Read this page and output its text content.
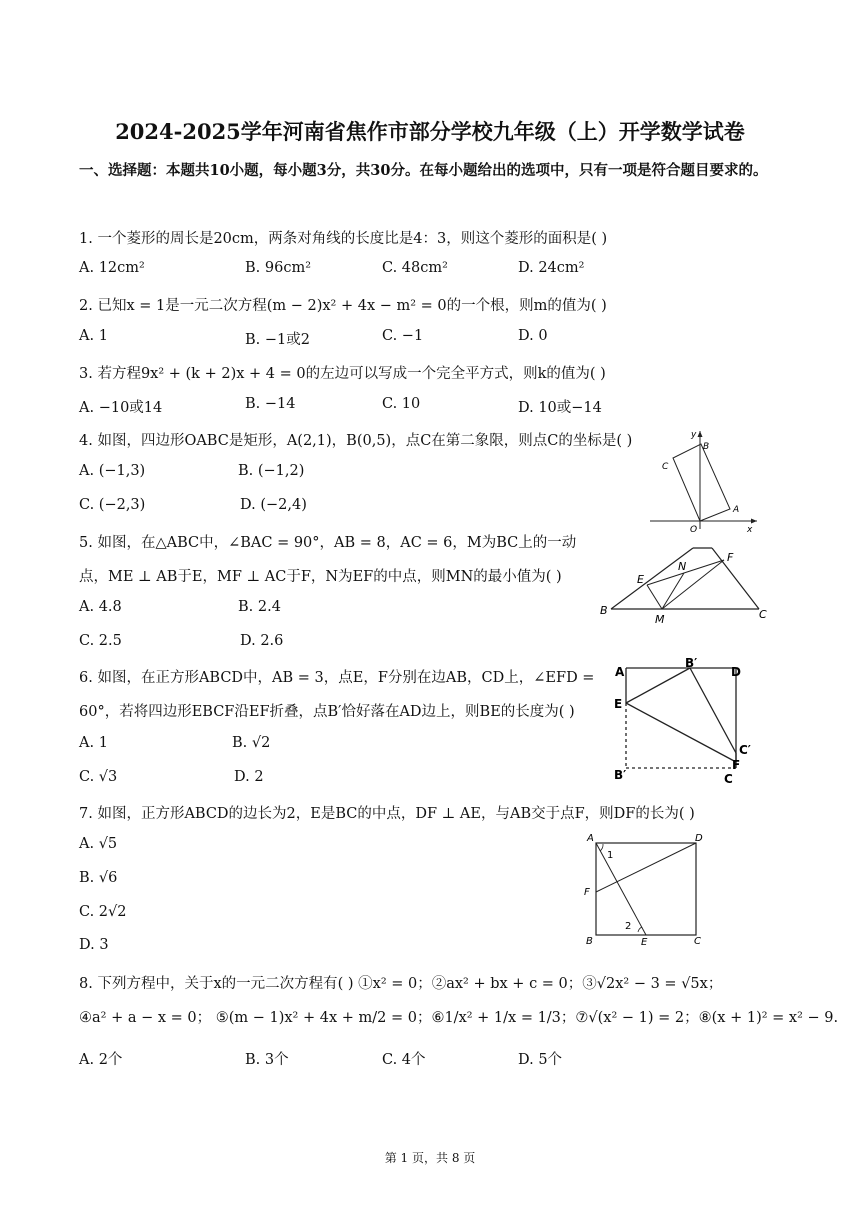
2024-2025学年河南省焦作市部分学校九年级（上）开学数学试卷
一、选择题：本题共10小题，每小题3分，共30分。在每小题给出的选项中，只有一项是符合题目要求的。
1. 一个菱形的周长是20cm，两条对角线的长度比是4：3，则这个菱形的面积是( )
A. 12cm²	B. 96cm²	C. 48cm²	D. 24cm²
2. 已知x = 1是一元二次方程(m − 2)x² + 4x − m² = 0的一个根，则m的值为( )
A. 1	B. −1或2	C. −1	D. 0
3. 若方程9x² + (k + 2)x + 4 = 0的左边可以写成一个完全平方式，则k的值为( )
A. −10或14	B. −14	C. 10	D. 10或−14
4. 如图，四边形OABC是矩形，A(2,1)，B(0,5)，点C在第二象限，则点C的坐标是( )
A. (−1,3)	B. (−1,2)
C. (−2,3)	D. (−2,4)
y
B
C
A
O	x
5. 如图，在△ABC中，∠BAC = 90°，AB = 8，AC = 6，M为BC上的一动
点，ME ⊥ AB于E，MF ⊥ AC于F，N为EF的中点，则MN的最小值为( )
A. 4.8	B. 2.4
C. 2.5	D. 2.6
E
N
F
B
M	C
6. 如图，在正方形ABCD中，AB = 3，点E，F分别在边AB，CD上，∠EFD =
60°，若将四边形EBCF沿EF折叠，点B′恰好落在AD边上，则BE的长度为( )
A. 1	B. √2
C. √3	D. 2
A
B′
D
E
C′
F
B′	C
7. 如图，正方形ABCD的边长为2，E是BC的中点，DF ⊥ AE，与AB交于点F，则DF的长为( )
A. √5
B. √6
C. 2√2
D. 3
A	D
1
F
2
B	E	C
8. 下列方程中，关于x的一元二次方程有( ) ①x² = 0；②ax² + bx + c = 0；③√2x² − 3 = √5x；
④a² + a − x = 0； ⑤(m − 1)x² + 4x + m/2 = 0；⑥1/x² + 1/x = 1/3；⑦√(x² − 1) = 2；⑧(x + 1)² = x² − 9.
A. 2个	B. 3个	C. 4个	D. 5个
第 1 页，共 8 页
